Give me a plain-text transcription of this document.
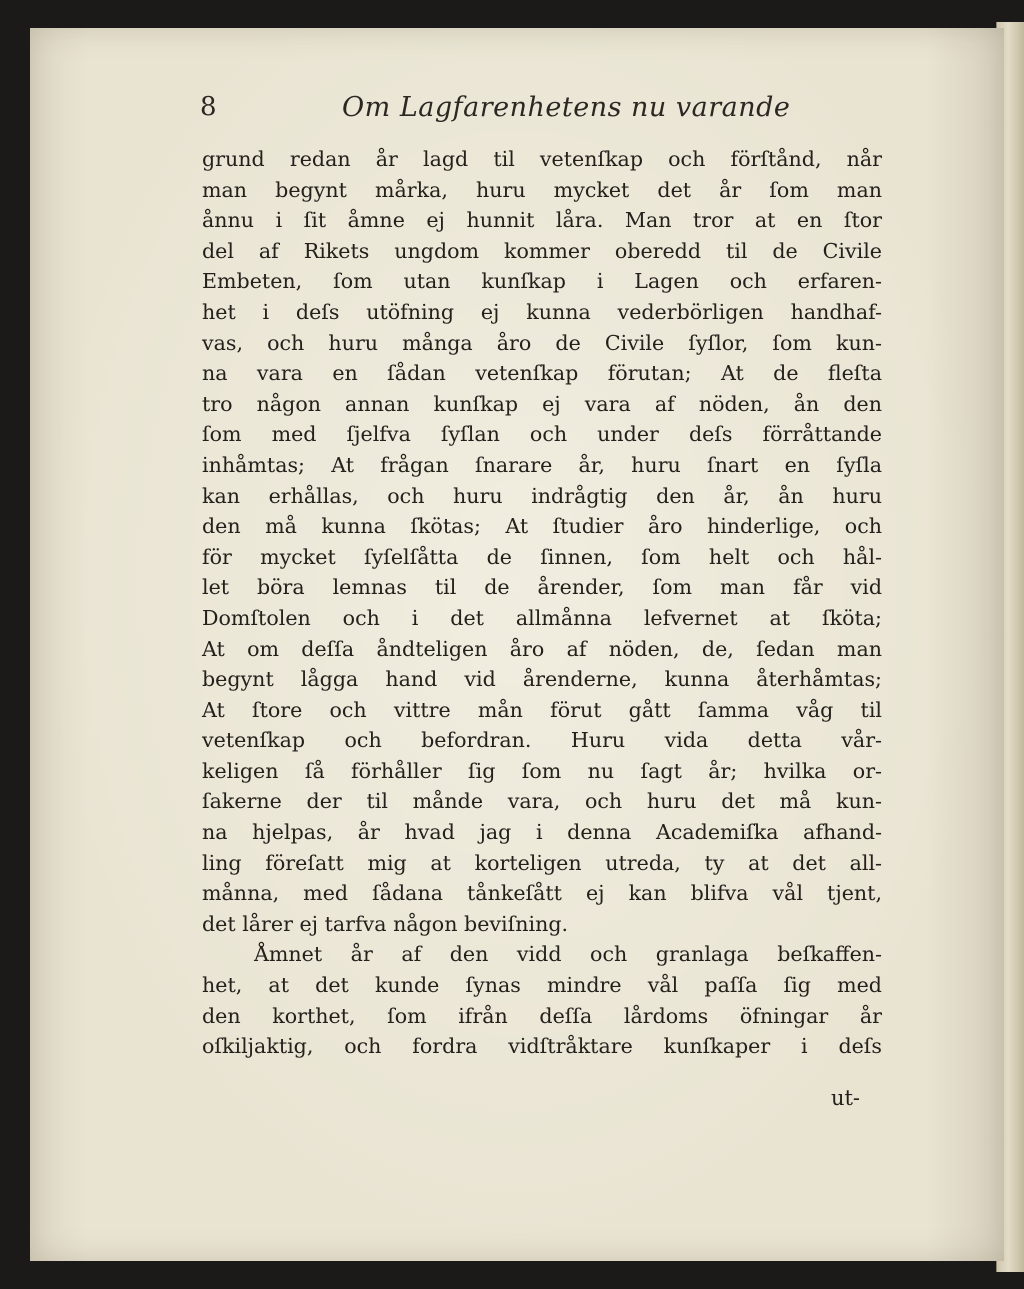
8	Om Lagfarenhetens nu varande
grund redan år lagd til vetenſkap och förſtånd, når
man begynt mårka, huru mycket det år ſom man
ånnu i ſit åmne ej hunnit låra. Man tror at en ſtor
del af Rikets ungdom kommer oberedd til de Civile
Embeten, ſom utan kunſkap i Lagen och erfaren-
het i deſs utöfning ej kunna vederbörligen handhaf-
vas, och huru många åro de Civile ſyſlor, ſom kun-
na vara en ſådan vetenſkap förutan; At de fleſta
tro någon annan kunſkap ej vara af nöden, ån den
ſom med ſjelfva ſyſlan och under deſs förråttande
inhåmtas; At frågan ſnarare år, huru ſnart en ſyſla
kan erhållas, och huru indrågtig den år, ån huru
den må kunna ſkötas; At ſtudier åro hinderlige, och
för mycket ſyſelſåtta de ſinnen, ſom helt och hål-
let böra lemnas til de årender, ſom man får vid
Domſtolen och i det allmånna lefvernet at ſköta;
At om deſſa åndteligen åro af nöden, de, ſedan man
begynt lågga hand vid årenderne, kunna återhåmtas;
At ſtore och vittre mån förut gått ſamma våg til
vetenſkap och befordran. Huru vida detta vår-
keligen ſå förhåller ſig ſom nu ſagt år; hvilka or-
ſakerne der til månde vara, och huru det må kun-
na hjelpas, år hvad jag i denna Academiſka afhand-
ling föreſatt mig at korteligen utreda, ty at det all-
månna, med ſådana tånkeſått ej kan blifva vål tjent,
det lårer ej tarfva någon beviſning.
Åmnet år af den vidd och granlaga beſkaffen-
het, at det kunde ſynas mindre vål paſſa ſig med
den korthet, ſom ifrån deſſa lårdoms öfningar år
oſkiljaktig, och fordra vidſtråktare kunſkaper i deſs
ut-
